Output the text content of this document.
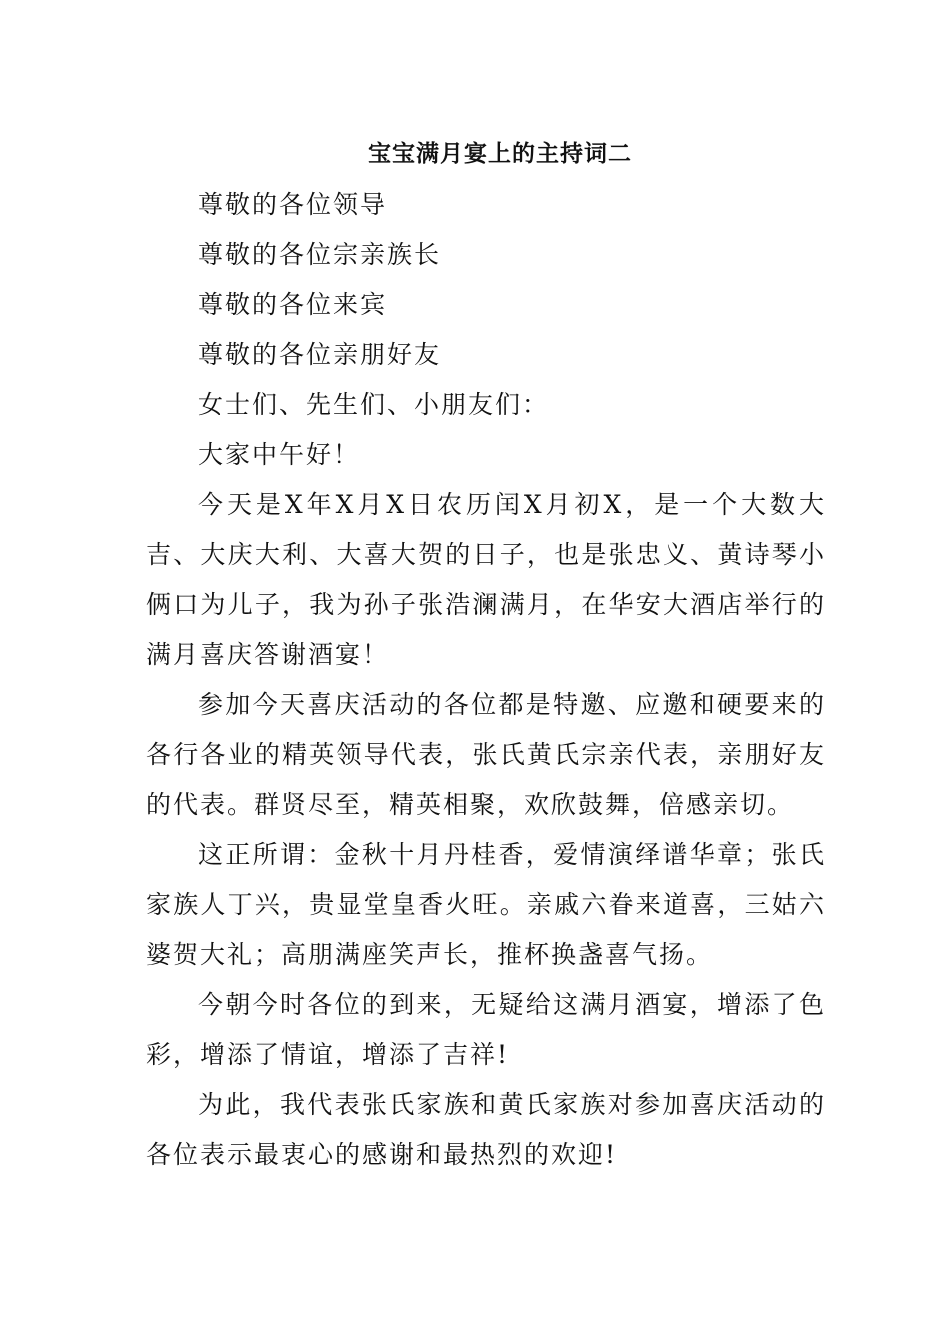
宝宝满月宴上的主持词二

尊敬的各位领导

尊敬的各位宗亲族长

尊敬的各位来宾

尊敬的各位亲朋好友

女士们、先生们、小朋友们：

大家中午好！

今天是X年X月X日农历闰X月初X，是一个大数大吉、大庆大利、大喜大贺的日子，也是张忠义、黄诗琴小俩口为儿子，我为孙子张浩澜满月，在华安大酒店举行的满月喜庆答谢酒宴！

参加今天喜庆活动的各位都是特邀、应邀和硬要来的各行各业的精英领导代表，张氏黄氏宗亲代表，亲朋好友的代表。群贤尽至，精英相聚，欢欣鼓舞，倍感亲切。

这正所谓：金秋十月丹桂香，爱情演绎谱华章；张氏家族人丁兴，贵显堂皇香火旺。亲戚六眷来道喜，三姑六婆贺大礼；高朋满座笑声长，推杯换盏喜气扬。

今朝今时各位的到来，无疑给这满月酒宴，增添了色彩，增添了情谊，增添了吉祥!

为此，我代表张氏家族和黄氏家族对参加喜庆活动的各位表示最衷心的感谢和最热烈的欢迎!
